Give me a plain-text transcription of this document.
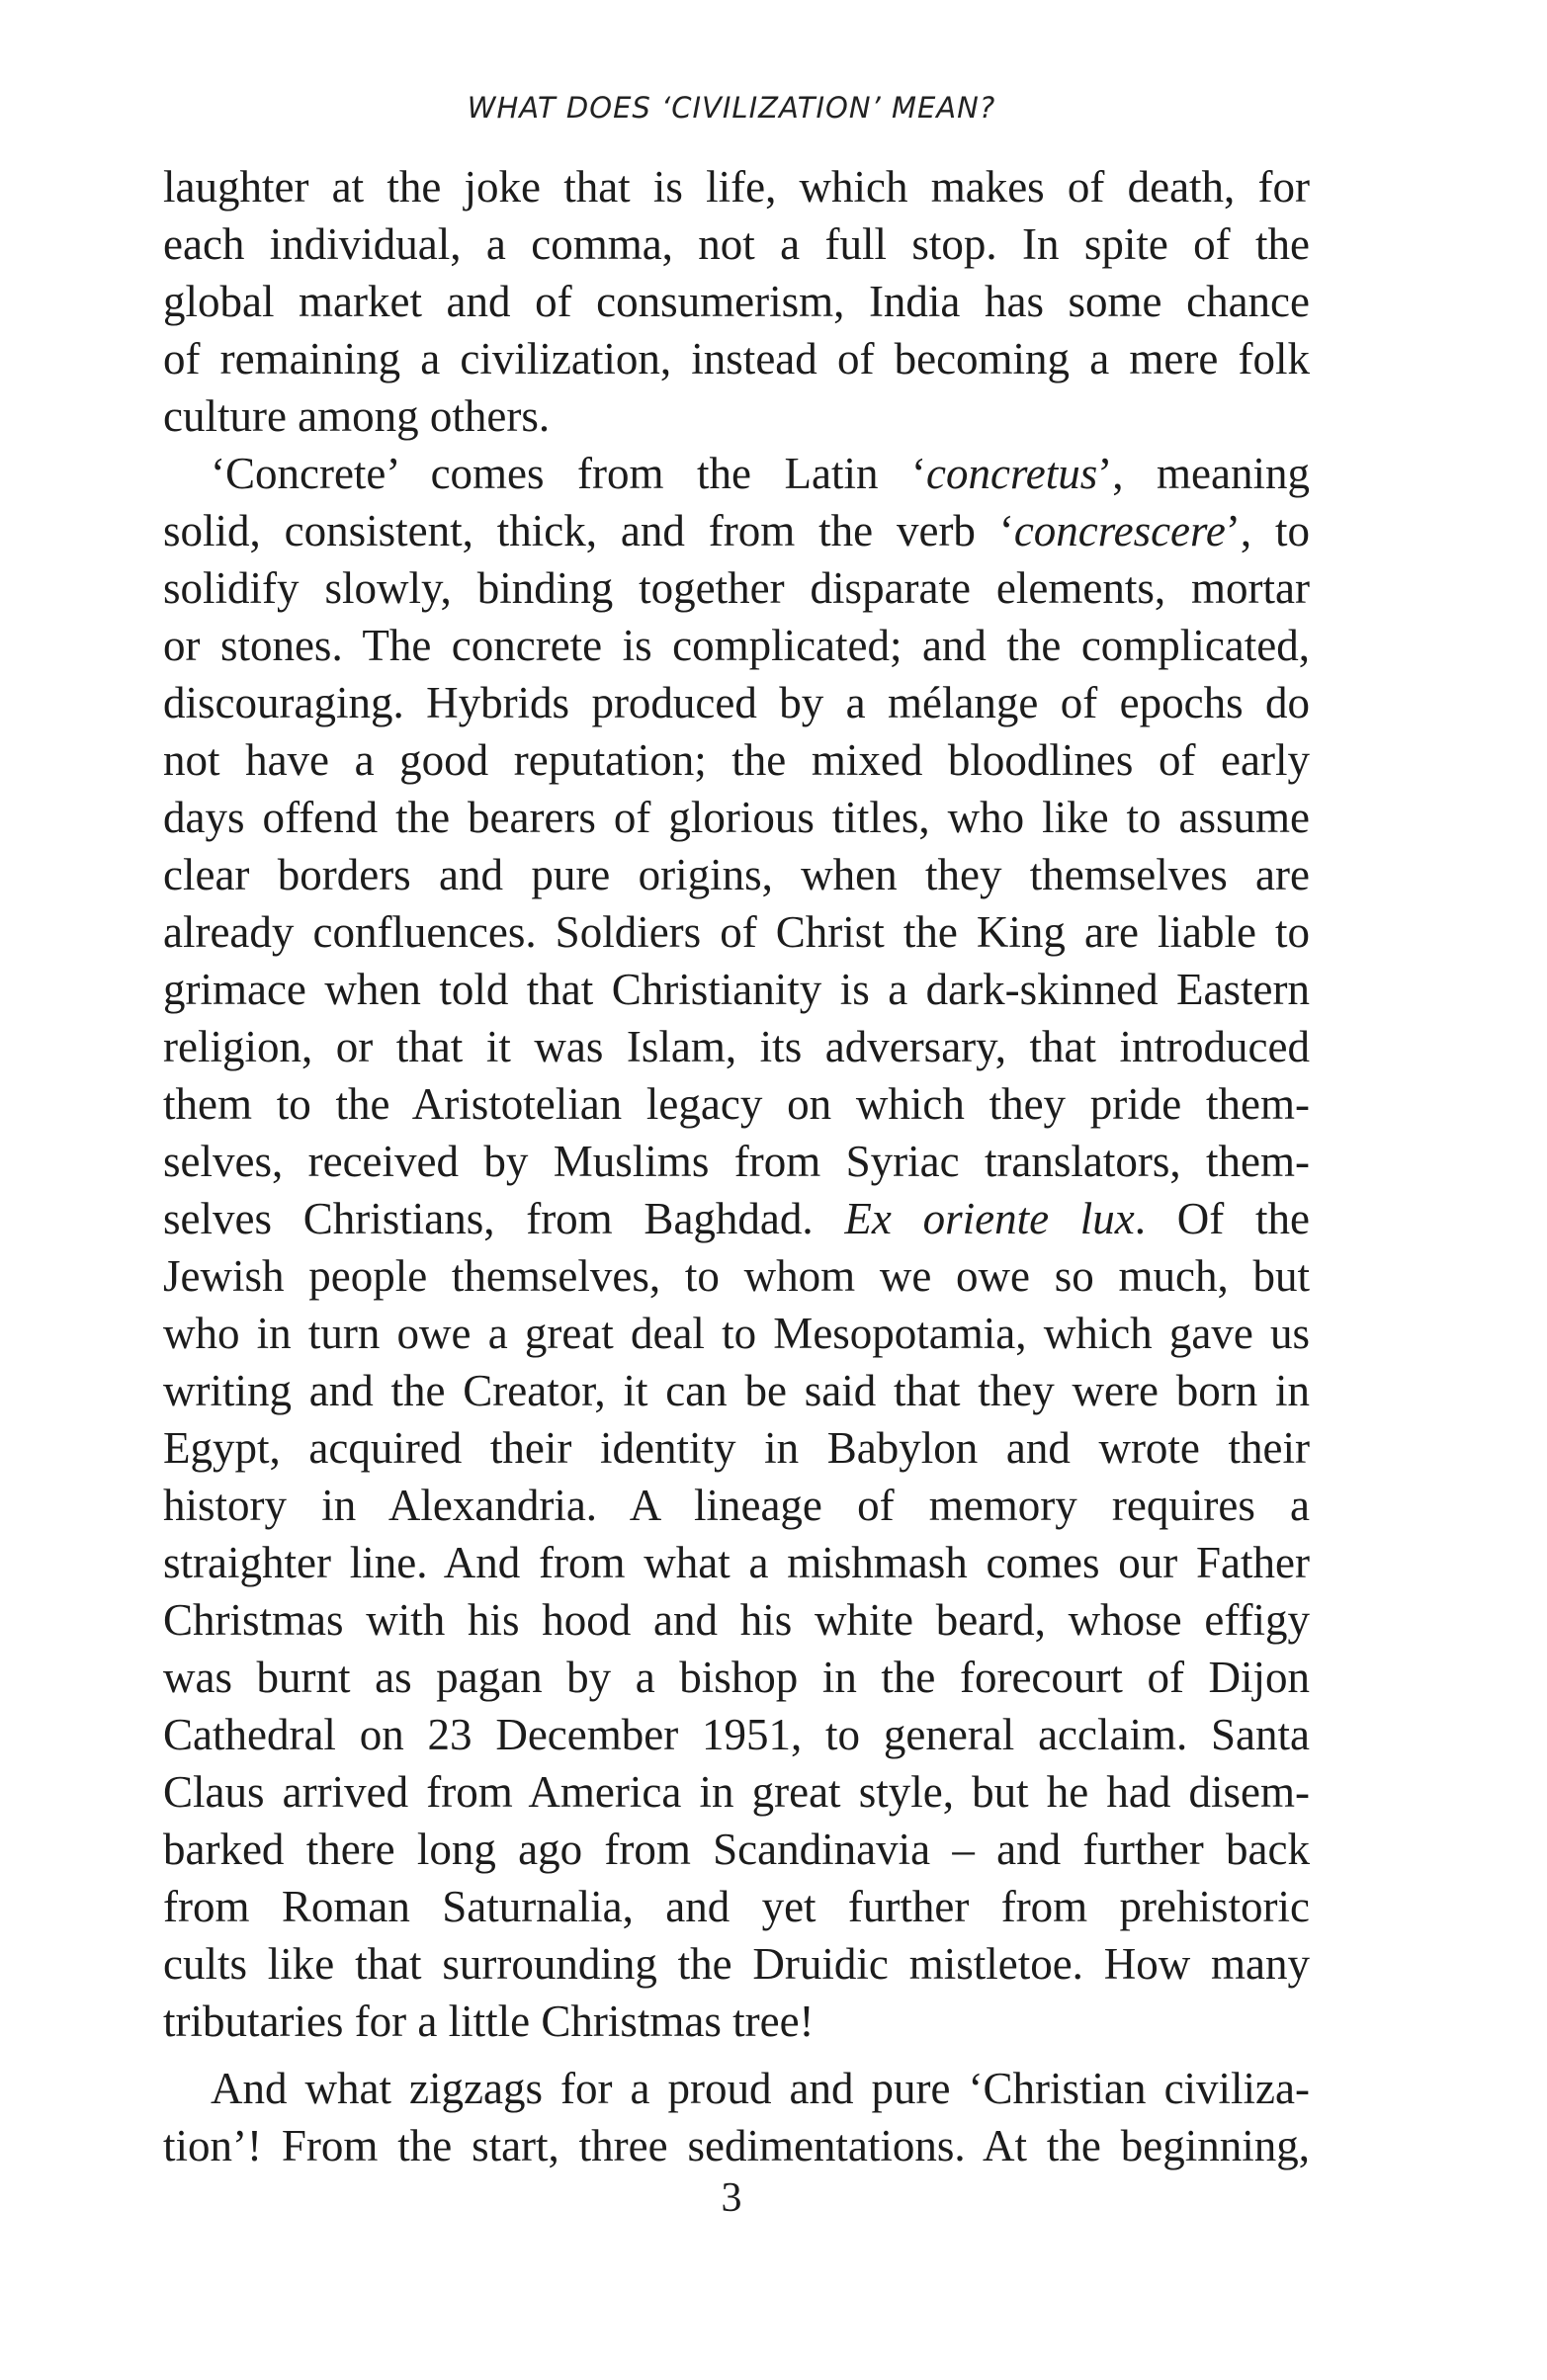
WHAT DOES ‘CIVILIZATION’ MEAN?
laughter at the joke that is life, which makes of death, for
each individual, a comma, not a full stop. In spite of the
global market and of consumerism, India has some chance
of remaining a civilization, instead of becoming a mere folk
culture among others.
‘Concrete’ comes from the Latin ‘concretus’, meaning
solid, consistent, thick, and from the verb ‘concrescere’, to
solidify slowly, binding together disparate elements, mortar
or stones. The concrete is complicated; and the complicated,
discouraging. Hybrids produced by a mélange of epochs do
not have a good reputation; the mixed bloodlines of early
days offend the bearers of glorious titles, who like to assume
clear borders and pure origins, when they themselves are
already confluences. Soldiers of Christ the King are liable to
grimace when told that Christianity is a dark-skinned Eastern
religion, or that it was Islam, its adversary, that introduced
them to the Aristotelian legacy on which they pride them-
selves, received by Muslims from Syriac translators, them-
selves Christians, from Baghdad. Ex oriente lux. Of the
Jewish people themselves, to whom we owe so much, but
who in turn owe a great deal to Mesopotamia, which gave us
writing and the Creator, it can be said that they were born in
Egypt, acquired their identity in Babylon and wrote their
history in Alexandria. A lineage of memory requires a
straighter line. And from what a mishmash comes our Father
Christmas with his hood and his white beard, whose effigy
was burnt as pagan by a bishop in the forecourt of Dijon
Cathedral on 23 December 1951, to general acclaim. Santa
Claus arrived from America in great style, but he had disem-
barked there long ago from Scandinavia – and further back
from Roman Saturnalia, and yet further from prehistoric
cults like that surrounding the Druidic mistletoe. How many
tributaries for a little Christmas tree!
And what zigzags for a proud and pure ‘Christian civiliza-
tion’! From the start, three sedimentations. At the beginning,
3
